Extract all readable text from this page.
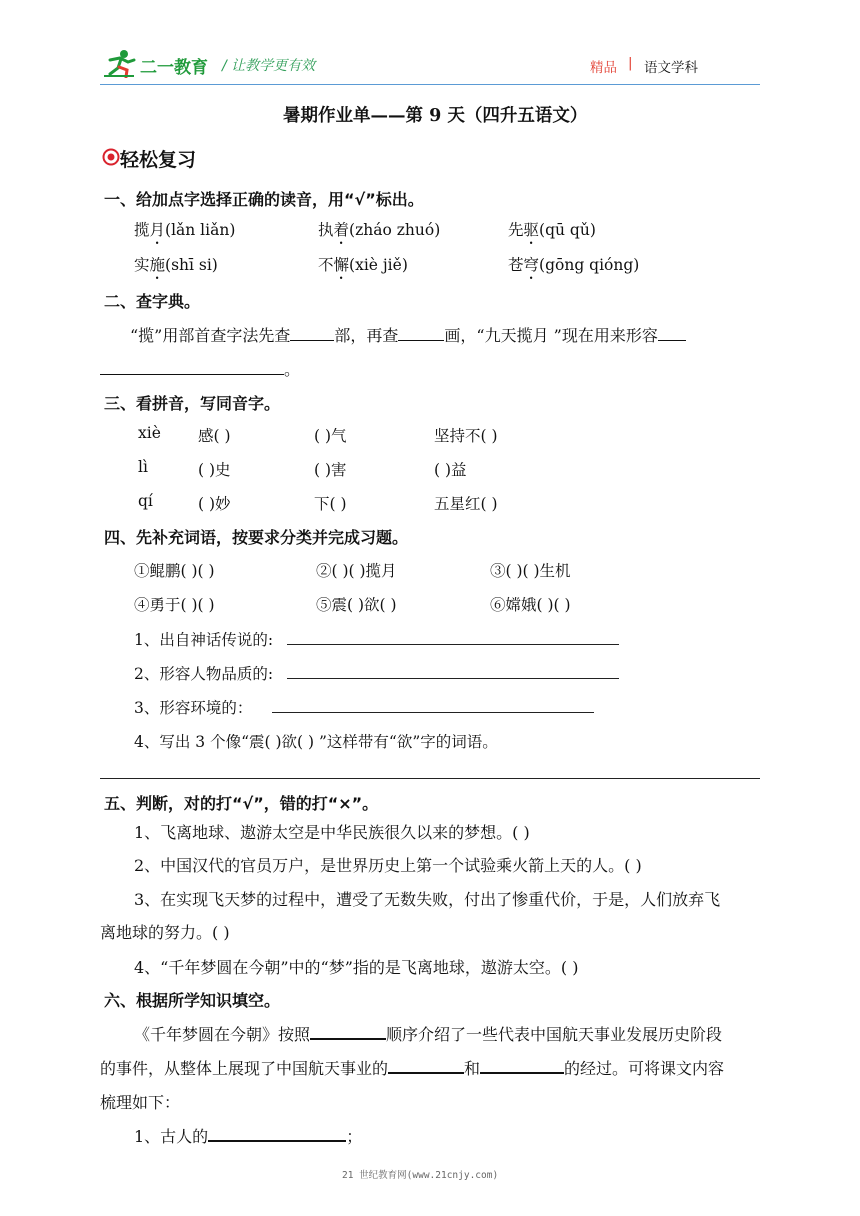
二一教育 / 让教学更有效	精品 | 语文学科
暑期作业单——第 9 天（四升五语文）
轻松复习
一、给加点字选择正确的读音，用“√”标出。
揽月(lǎn liǎn)	执着(zháo zhuó)	先驱(qū qǔ)
实施(shī si)	不懈(xiè jiě)	苍穹(gōng qióng)
二、查字典。
“揽”用部首查字法先查	部，再查	画，“九天揽月 ”现在用来形容
。
三、看拼音，写同音字。
xiè 感( )	( )气	坚持不( )
lì	( )史	( )害	( )益
qí	( )妙	下( )	五星红( )
四、先补充词语，按要求分类并完成习题。
①鲲鹏( )( )	②( )( )揽月	③( )( )生机
④勇于( )( )	⑤震( )欲( )	⑥嫦娥( )( )
1、出自神话传说的:
2、形容人物品质的:
3、形容环境的：
4、写出 3 个像“震( )欲( ) ”这样带有“欲”字的词语。
五、判断，对的打“√”，错的打“×”。
1、飞离地球、遨游太空是中华民族很久以来的梦想。( )
2、中国汉代的官员万户，是世界历史上第一个试验乘火箭上天的人。( )
3、在实现飞天梦的过程中，遭受了无数失败，付出了惨重代价，于是，人们放弃飞
离地球的努力。( )
4、“千年梦圆在今朝”中的“梦”指的是飞离地球，遨游太空。( )
六、根据所学知识填空。
《千年梦圆在今朝》按照	顺序介绍了一些代表中国航天事业发展历史阶段
的事件，从整体上展现了中国航天事业的	和	的经过。可将课文内容
梳理如下：
1、古人的	；
21 世纪教育网(www.21cnjy.com)
